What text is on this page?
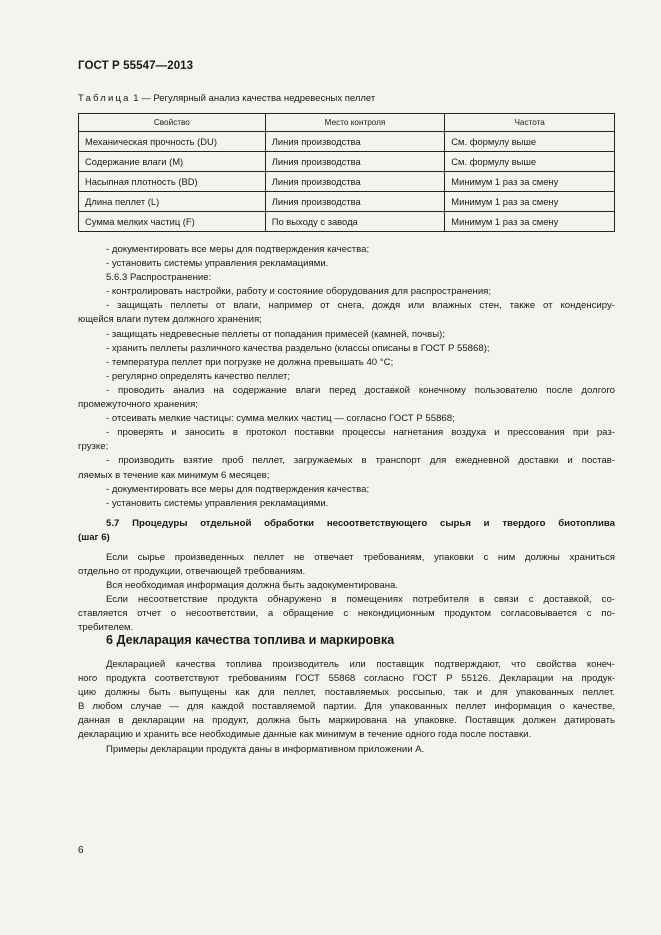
ГОСТ Р 55547—2013
Таблица 1 — Регулярный анализ качества недревесных пеллет
Свойство	Место контроля	Частота
Механическая прочность (DU)	Линия производства	См. формулу выше
Содержание влаги (M)	Линия производства	См. формулу выше
Насыпная плотность (BD)	Линия производства	Минимум 1 раз за смену
Длина пеллет (L)	Линия производства	Минимум 1 раз за смену
Сумма мелких частиц (F)	По выходу с завода	Минимум 1 раз за смену

- документировать все меры для подтверждения качества;

- установить системы управления рекламациями.

5.6.3 Распространение:

- контролировать настройки, работу и состояние оборудования для распространения;

- защищать пеллеты от влаги, например от снега, дождя или влажных стен, также от конденсиру-

ющейся влаги путем должного хранения;

- защищать недревесные пеллеты от попадания примесей (камней, почвы);

- хранить пеллеты различного качества раздельно (классы описаны в ГОСТ Р 55868);

- температура пеллет при погрузке не должна превышать 40 °С;

- регулярно определять качество пеллет;

- проводить анализ на содержание влаги перед доставкой конечному пользователю после долгого

промежуточного хранения;

- отсеивать мелкие частицы: сумма мелких частиц — согласно ГОСТ Р 55868;

- проверять и заносить в протокол поставки процессы нагнетания воздуха и прессования при раз-

грузке;

- производить взятие проб пеллет, загружаемых в транспорт для ежедневной доставки и постав-

ляемых в течение как минимум 6 месяцев;

- документировать все меры для подтверждения качества;

- установить системы управления рекламациями.

5.7 Процедуры отдельной обработки несоответствующего сырья и твердого биотоплива

(шаг 6)

Если сырье произведенных пеллет не отвечает требованиям, упаковки с ним должны храниться

отдельно от продукции, отвечающей требованиям.

Вся необходимая информация должна быть задокументирована.

Если несоответствие продукта обнаружено в помещениях потребителя в связи с доставкой, со-

ставляется отчет о несоответствии, а обращение с некондиционным продуктом согласовывается с по-

требителем.

6 Декларация качества топлива и маркировка

Декларацией качества топлива производитель или поставщик подтверждают, что свойства конеч-

ного продукта соответствуют требованиям ГОСТ 55868 согласно ГОСТ Р 55126. Декларации на продук-

цию должны быть выпущены как для пеллет, поставляемых россыпью, так и для упакованных пеллет.

В любом случае — для каждой поставляемой партии. Для упакованных пеллет информация о качестве,

данная в декларации на продукт, должна быть маркирована на упаковке. Поставщик должен датировать

декларацию и хранить все необходимые данные как минимум в течение одного года после поставки.

Примеры декларации продукта даны в информативном приложении А.

6
